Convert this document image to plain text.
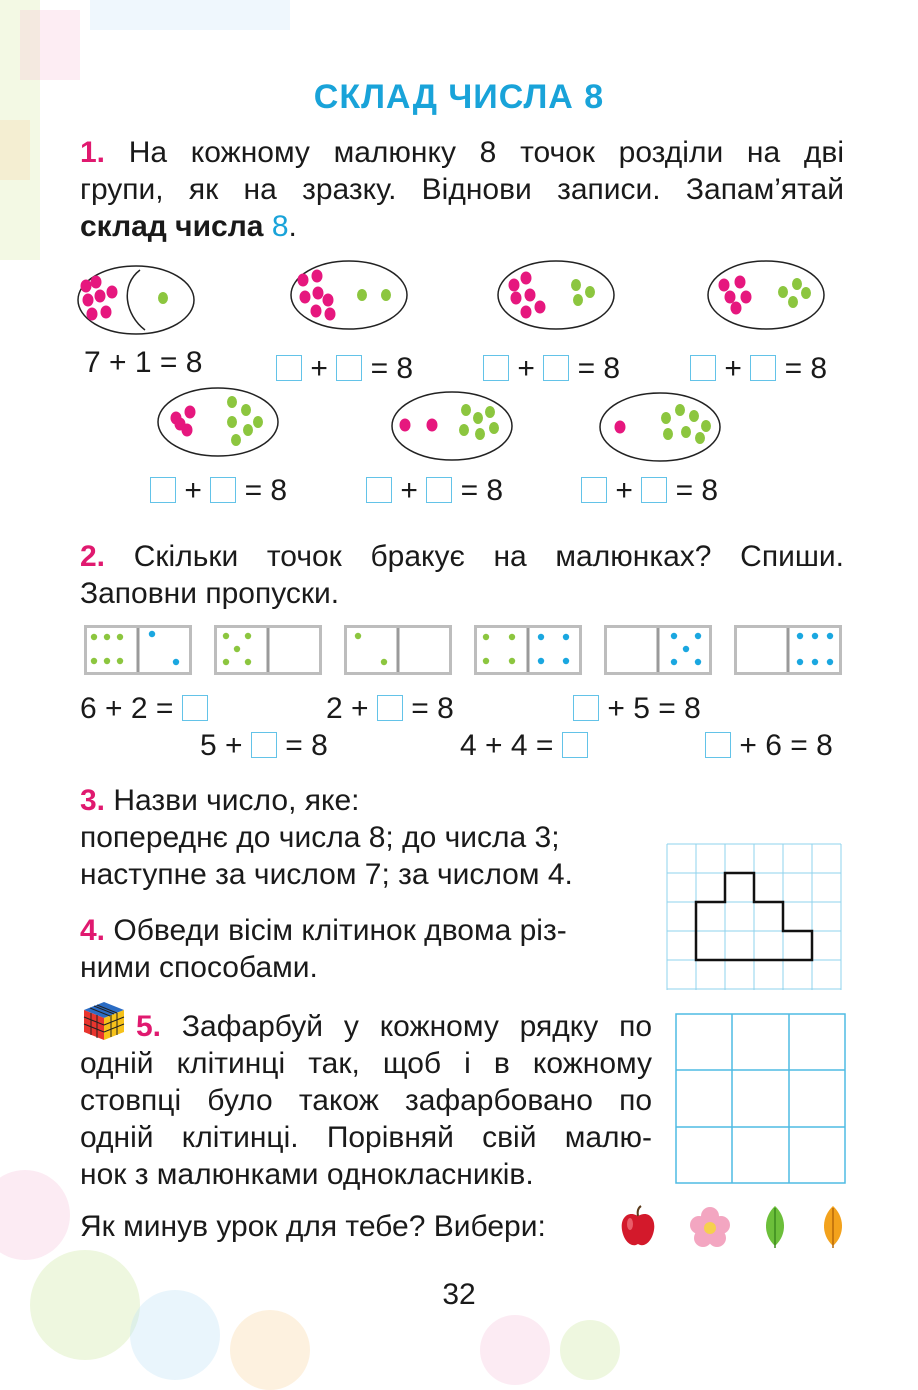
СКЛАД ЧИСЛА 8
1. На кожному малюнку 8 точок розділи на дві
групи, як на зразку. Віднови записи. Запам’ятай
склад числа 8.
7 + 1 = 8	+ = 8	+ = 8	+ = 8
+ = 8	+ = 8	+ = 8
2. Скільки точок бракує на малюнках? Спиши.
Заповни пропуски.
6 + 2 =	2 + = 8	+ 5 = 8
5 + = 8	4 + 4 =	+ 6 = 8
3. Назви число, яке:
попереднє до числа 8; до числа 3;
наступне за числом 7; за числом 4.
4. Обведи вісім клітинок двома різ-
ними способами.
5. Зафарбуй у кожному рядку по
одній клітинці так, щоб і в кожному
стовпці було також зафарбовано по
одній клітинці. Порівняй свій малю-
нок з малюнками однокласників.
Як минув урок для тебе? Вибери:
32
